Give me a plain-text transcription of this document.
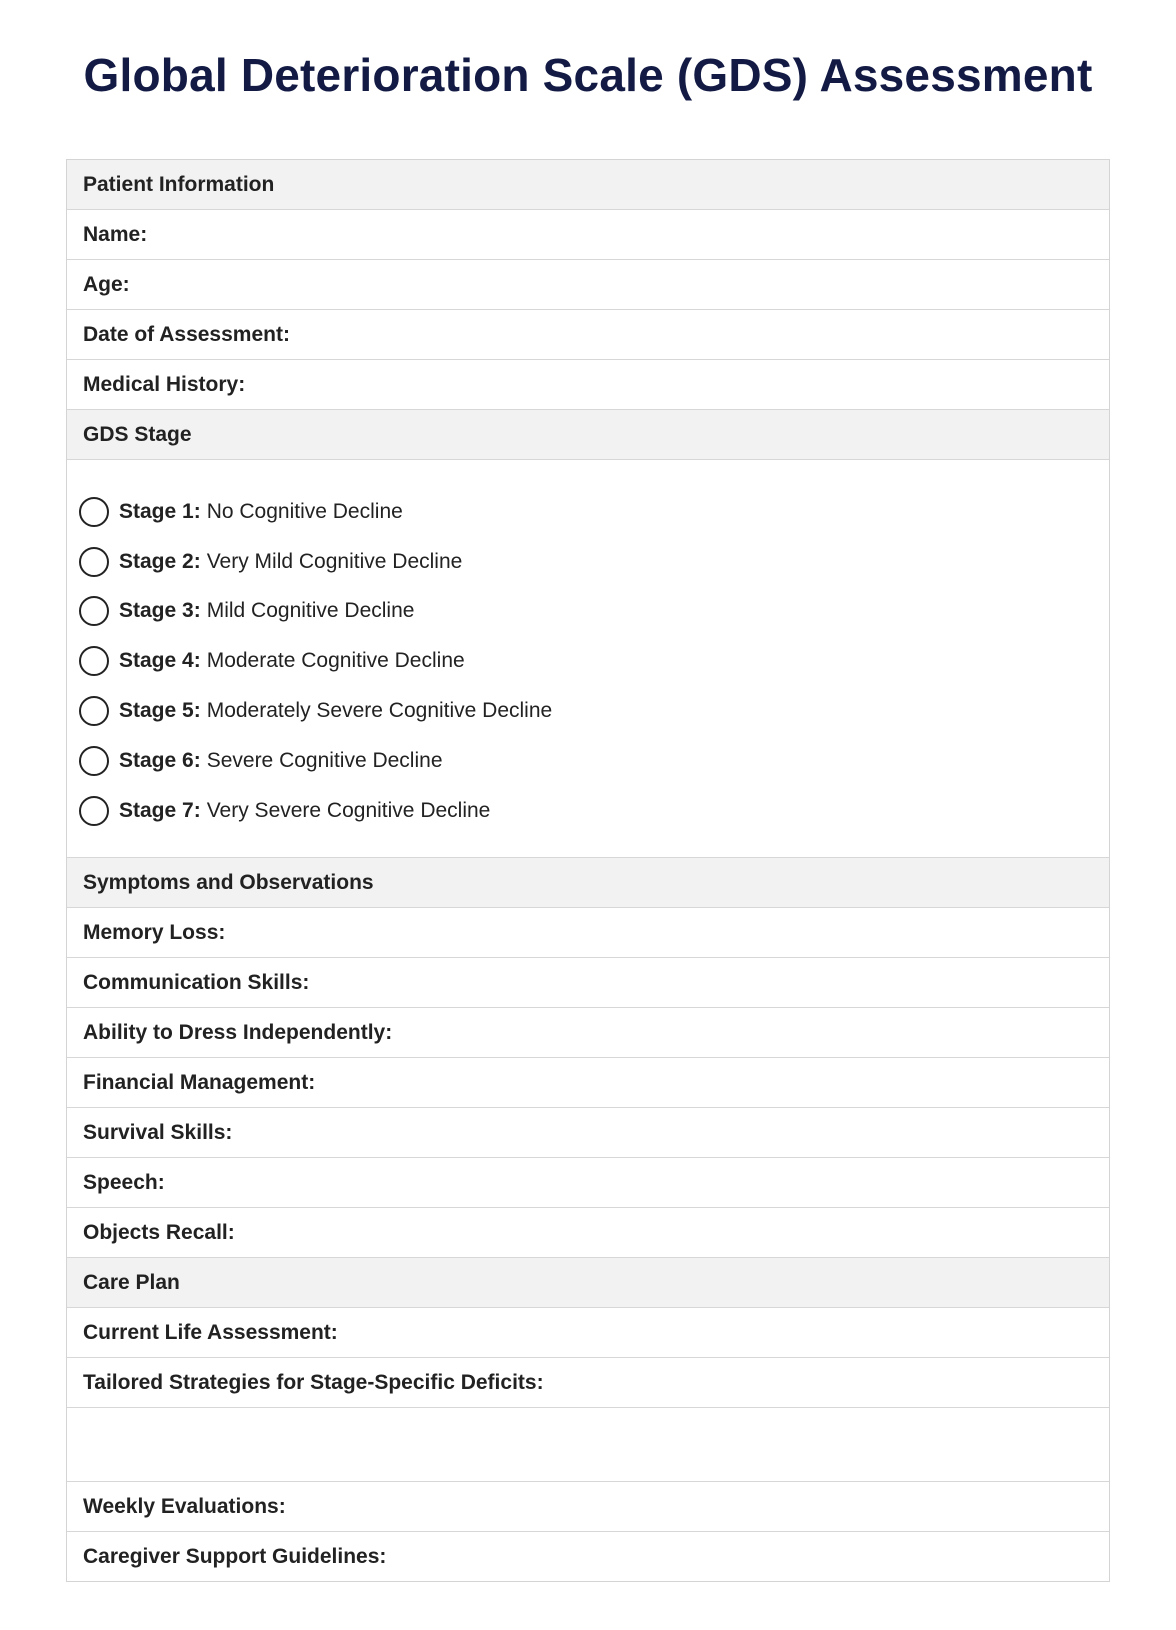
Global Deterioration Scale (GDS) Assessment
Patient Information
Name:
Age:
Date of Assessment:
Medical History:
GDS Stage
Stage 1: No Cognitive Decline
Stage 2: Very Mild Cognitive Decline
Stage 3: Mild Cognitive Decline
Stage 4: Moderate Cognitive Decline
Stage 5: Moderately Severe Cognitive Decline
Stage 6: Severe Cognitive Decline
Stage 7: Very Severe Cognitive Decline
Symptoms and Observations
Memory Loss:
Communication Skills:
Ability to Dress Independently:
Financial Management:
Survival Skills:
Speech:
Objects Recall:
Care Plan
Current Life Assessment:
Tailored Strategies for Stage-Specific Deficits:
Weekly Evaluations:
Caregiver Support Guidelines:
